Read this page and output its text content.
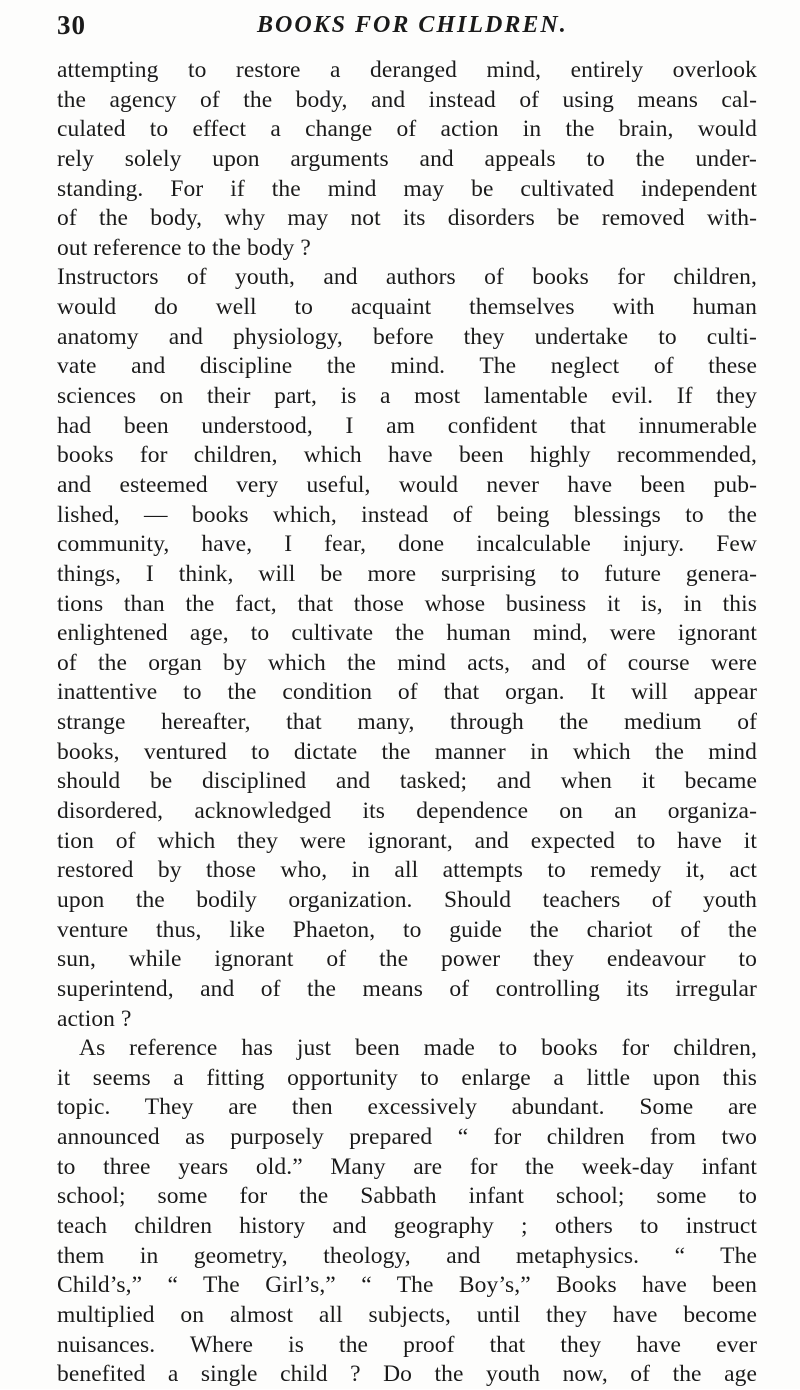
30	BOOKS FOR CHILDREN.
attempting to restore a deranged mind, entirely overlook
the agency of the body, and instead of using means cal-
culated to effect a change of action in the brain, would
rely solely upon arguments and appeals to the under-
standing. For if the mind may be cultivated independent
of the body, why may not its disorders be removed with-
out reference to the body ?
Instructors of youth, and authors of books for children,
would do well to acquaint themselves with human
anatomy and physiology, before they undertake to culti-
vate and discipline the mind. The neglect of these
sciences on their part, is a most lamentable evil. If they
had been understood, I am confident that innumerable
books for children, which have been highly recommended,
and esteemed very useful, would never have been pub-
lished, — books which, instead of being blessings to the
community, have, I fear, done incalculable injury. Few
things, I think, will be more surprising to future genera-
tions than the fact, that those whose business it is, in this
enlightened age, to cultivate the human mind, were ignorant
of the organ by which the mind acts, and of course were
inattentive to the condition of that organ. It will appear
strange hereafter, that many, through the medium of
books, ventured to dictate the manner in which the mind
should be disciplined and tasked; and when it became
disordered, acknowledged its dependence on an organiza-
tion of which they were ignorant, and expected to have it
restored by those who, in all attempts to remedy it, act
upon the bodily organization. Should teachers of youth
venture thus, like Phaeton, to guide the chariot of the
sun, while ignorant of the power they endeavour to
superintend, and of the means of controlling its irregular
action ?
As reference has just been made to books for children,
it seems a fitting opportunity to enlarge a little upon this
topic. They are then excessively abundant. Some are
announced as purposely prepared “ for children from two
to three years old.” Many are for the week-day infant
school; some for the Sabbath infant school; some to
teach children history and geography ; others to instruct
them in geometry, theology, and metaphysics. “ The
Child’s,” “ The Girl’s,” “ The Boy’s,” Books have been
multiplied on almost all subjects, until they have become
nuisances. Where is the proof that they have ever
benefited a single child ? Do the youth now, of the age
